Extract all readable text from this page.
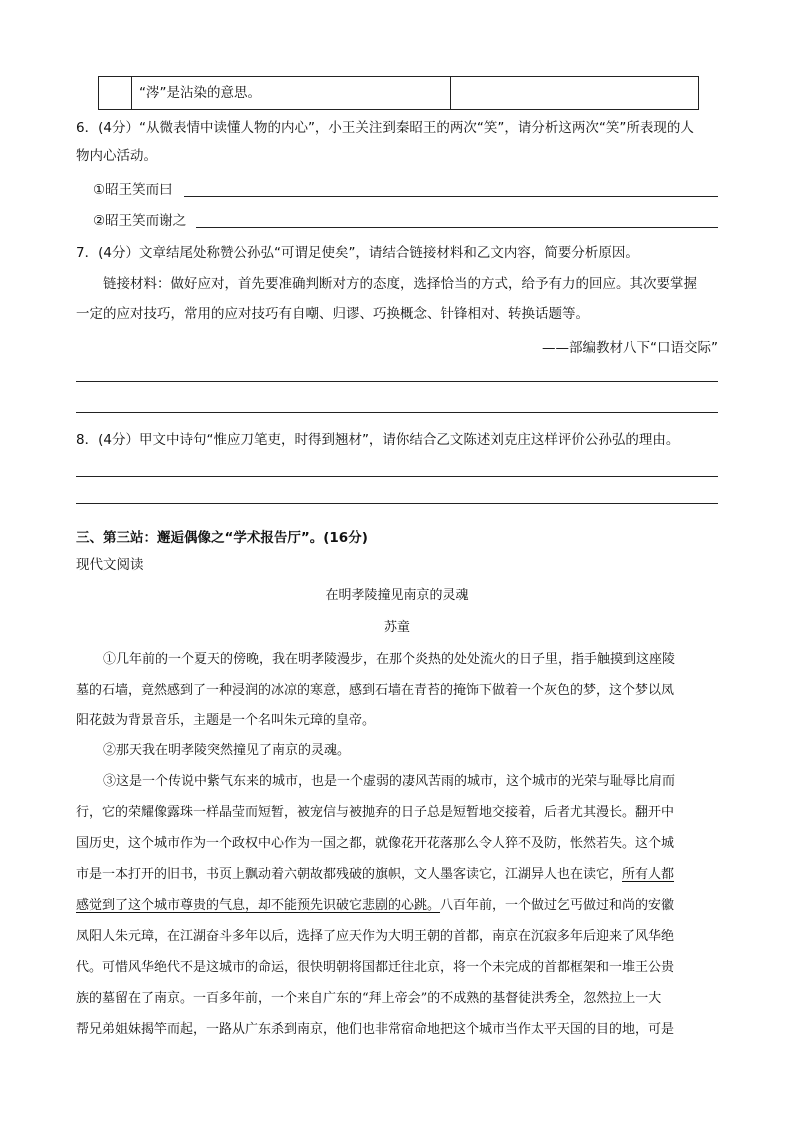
“涔”是沾染的意思。
6．(4分）“从微表情中读懂人物的内心”，小王关注到秦昭王的两次“笑”，请分析这两次“笑”所表现的人
物内心活动。
①昭王笑而曰
②昭王笑而谢之
7．(4分）文章结尾处称赞公孙弘“可谓足使矣”，请结合链接材料和乙文内容，简要分析原因。
链接材料：做好应对，首先要准确判断对方的态度，选择恰当的方式，给予有力的回应。其次要掌握
一定的应对技巧，常用的应对技巧有自嘲、归谬、巧换概念、针锋相对、转换话题等。
——部编教材八下“口语交际”
8．(4分）甲文中诗句“惟应刀笔吏，时得到翘材”，请你结合乙文陈述刘克庄这样评价公孙弘的理由。
三、第三站：邂逅偶像之“学术报告厅”。(16分)
现代文阅读
在明孝陵撞见南京的灵魂
苏童
①几年前的一个夏天的傍晚，我在明孝陵漫步，在那个炎热的处处流火的日子里，指手触摸到这座陵
墓的石墙，竟然感到了一种浸润的冰凉的寒意，感到石墙在青苔的掩饰下做着一个灰色的梦，这个梦以凤
阳花鼓为背景音乐，主题是一个名叫朱元璋的皇帝。
②那天我在明孝陵突然撞见了南京的灵魂。
③这是一个传说中紫气东来的城市，也是一个虚弱的凄风苦雨的城市，这个城市的光荣与耻辱比肩而
行，它的荣耀像露珠一样晶莹而短暂，被宠信与被抛弃的日子总是短暂地交接着，后者尤其漫长。翻开中
国历史，这个城市作为一个政权中心作为一国之都，就像花开花落那么令人猝不及防，怅然若失。这个城
市是一本打开的旧书，书页上飘动着六朝故都残破的旗帜，文人墨客读它，江湖异人也在读它，所有人都
感觉到了这个城市尊贵的气息，却不能预先识破它悲剧的心跳。八百年前，一个做过乞丐做过和尚的安徽
凤阳人朱元璋，在江湖奋斗多年以后，选择了应天作为大明王朝的首都，南京在沉寂多年后迎来了风华绝
代。可惜风华绝代不是这城市的命运，很快明朝将国都迁往北京，将一个未完成的首都框架和一堆王公贵
族的墓留在了南京。一百多年前，一个来自广东的“拜上帝会”的不成熟的基督徒洪秀全，忽然拉上一大
帮兄弟姐妹揭竿而起，一路从广东杀到南京，他们也非常宿命地把这个城市当作太平天国的目的地，可是
